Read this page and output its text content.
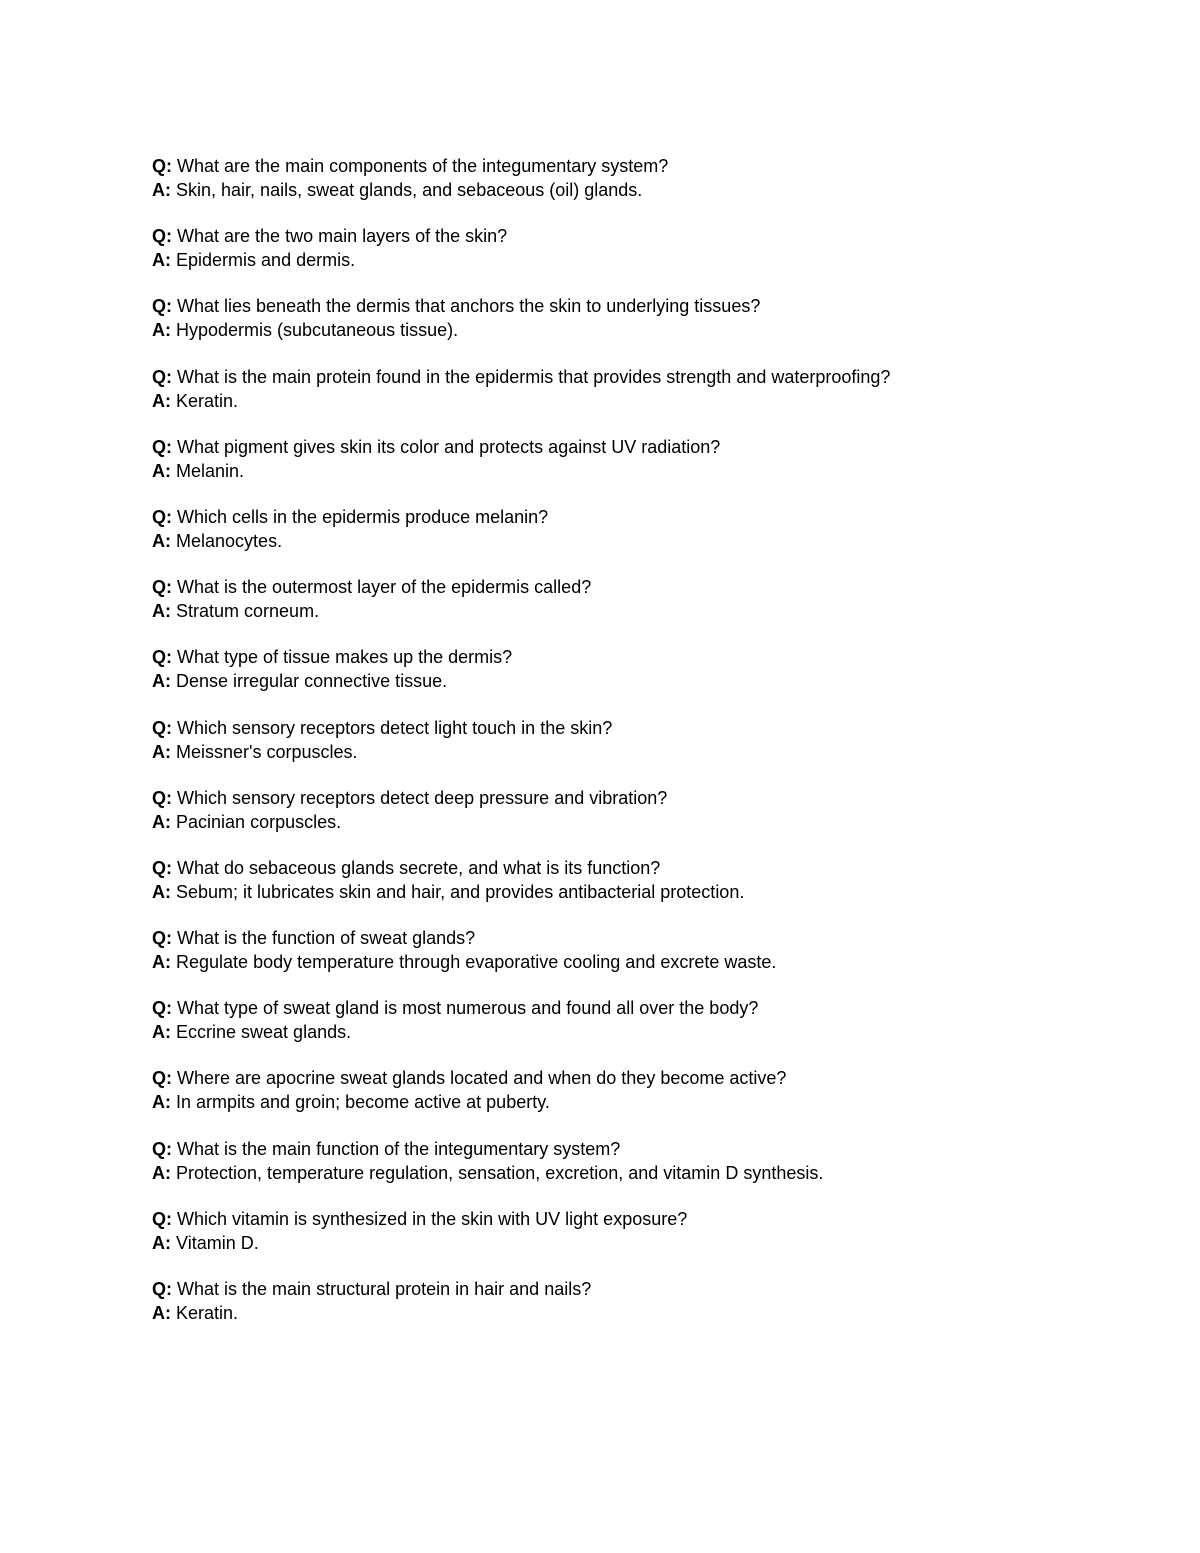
Q: What are the main components of the integumentary system?
A: Skin, hair, nails, sweat glands, and sebaceous (oil) glands.
Q: What are the two main layers of the skin?
A: Epidermis and dermis.
Q: What lies beneath the dermis that anchors the skin to underlying tissues?
A: Hypodermis (subcutaneous tissue).
Q: What is the main protein found in the epidermis that provides strength and waterproofing?
A: Keratin.
Q: What pigment gives skin its color and protects against UV radiation?
A: Melanin.
Q: Which cells in the epidermis produce melanin?
A: Melanocytes.
Q: What is the outermost layer of the epidermis called?
A: Stratum corneum.
Q: What type of tissue makes up the dermis?
A: Dense irregular connective tissue.
Q: Which sensory receptors detect light touch in the skin?
A: Meissner's corpuscles.
Q: Which sensory receptors detect deep pressure and vibration?
A: Pacinian corpuscles.
Q: What do sebaceous glands secrete, and what is its function?
A: Sebum; it lubricates skin and hair, and provides antibacterial protection.
Q: What is the function of sweat glands?
A: Regulate body temperature through evaporative cooling and excrete waste.
Q: What type of sweat gland is most numerous and found all over the body?
A: Eccrine sweat glands.
Q: Where are apocrine sweat glands located and when do they become active?
A: In armpits and groin; become active at puberty.
Q: What is the main function of the integumentary system?
A: Protection, temperature regulation, sensation, excretion, and vitamin D synthesis.
Q: Which vitamin is synthesized in the skin with UV light exposure?
A: Vitamin D.
Q: What is the main structural protein in hair and nails?
A: Keratin.
